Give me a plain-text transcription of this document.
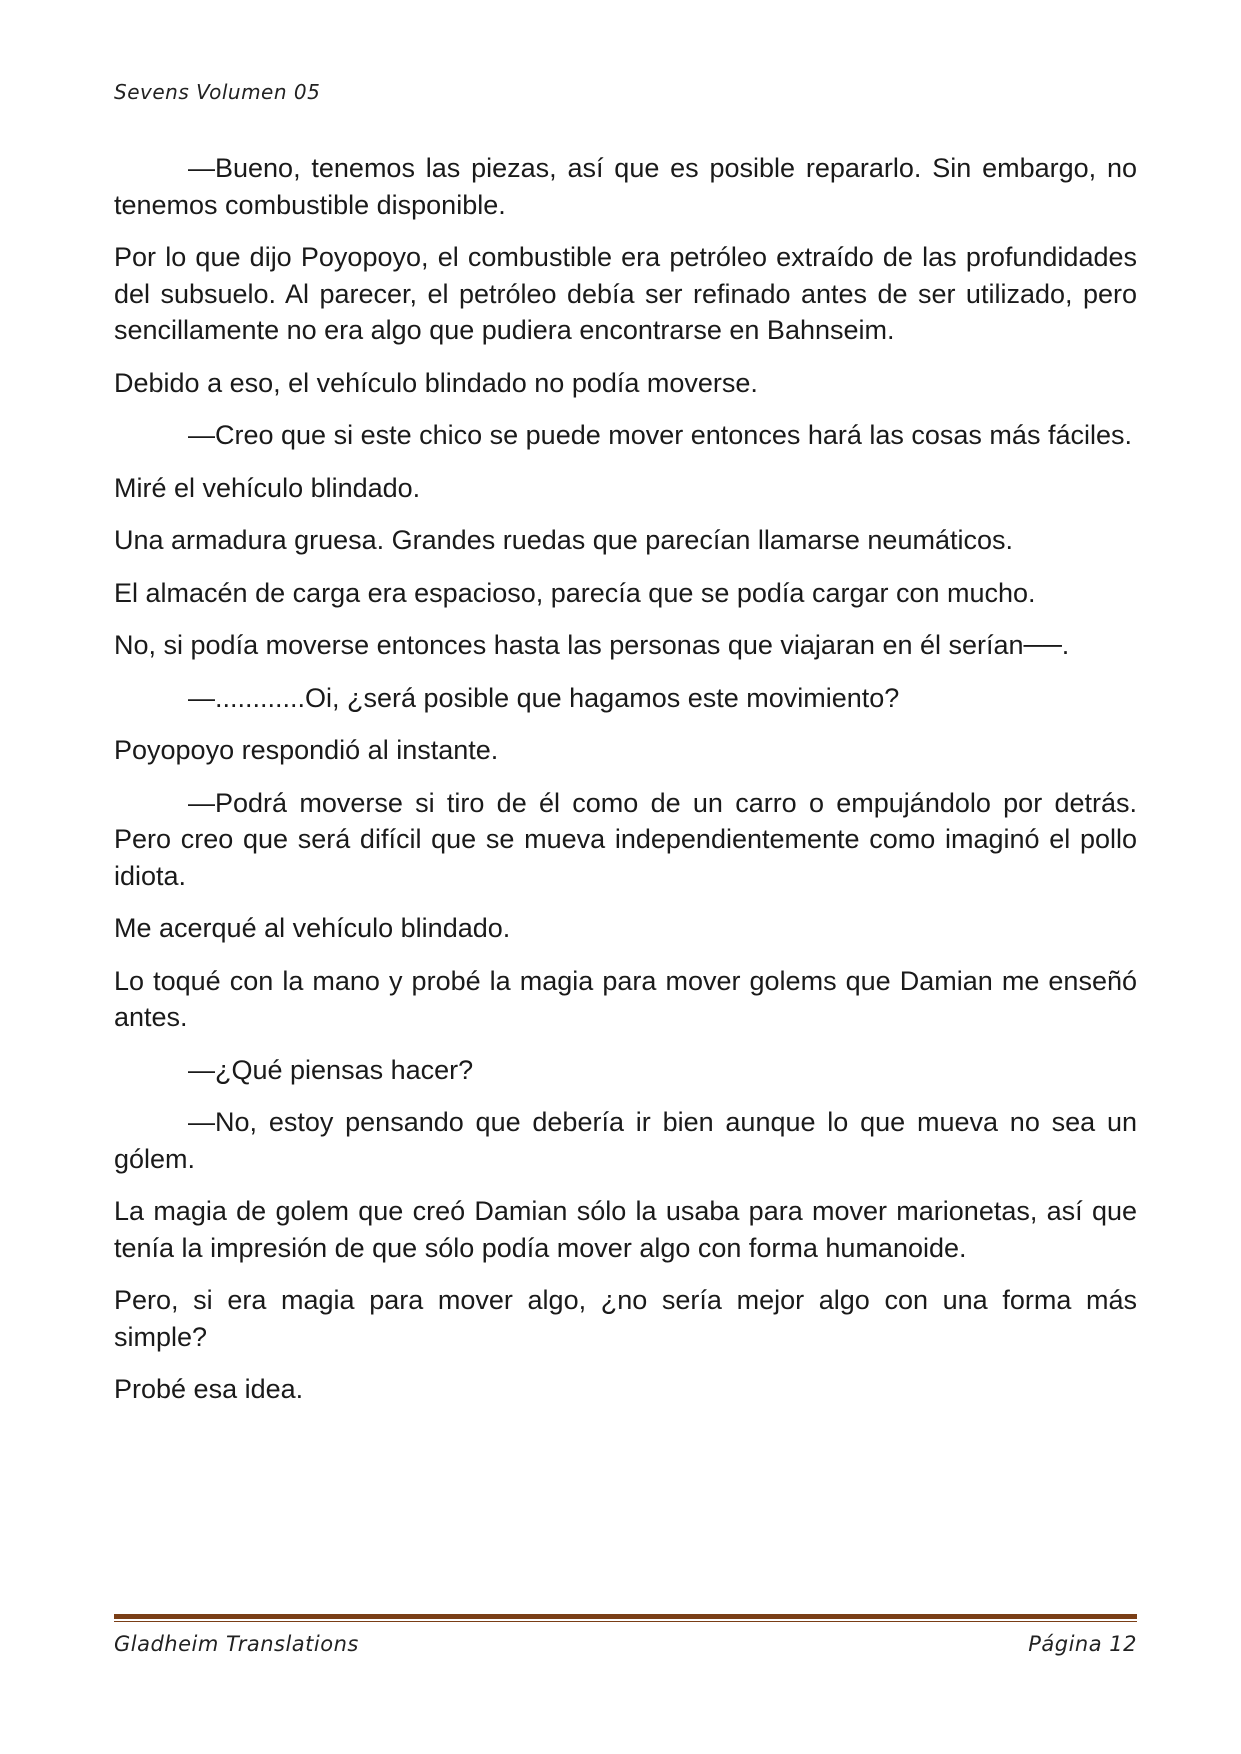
Sevens Volumen 05

—Bueno, tenemos las piezas, así que es posible repararlo. Sin embargo, no tenemos combustible disponible.

Por lo que dijo Poyopoyo, el combustible era petróleo extraído de las profundidades del subsuelo. Al parecer, el petróleo debía ser refinado antes de ser utilizado, pero sencillamente no era algo que pudiera encontrarse en Bahnseim.

Debido a eso, el vehículo blindado no podía moverse.

—Creo que si este chico se puede mover entonces hará las cosas más fáciles.

Miré el vehículo blindado.

Una armadura gruesa. Grandes ruedas que parecían llamarse neumáticos.

El almacén de carga era espacioso, parecía que se podía cargar con mucho.

No, si podía moverse entonces hasta las personas que viajaran en él serían──.

—............Oi, ¿será posible que hagamos este movimiento?

Poyopoyo respondió al instante.

—Podrá moverse si tiro de él como de un carro o empujándolo por detrás. Pero creo que será difícil que se mueva independientemente como imaginó el pollo idiota.

Me acerqué al vehículo blindado.

Lo toqué con la mano y probé la magia para mover golems que Damian me enseñó antes.

—¿Qué piensas hacer?

—No, estoy pensando que debería ir bien aunque lo que mueva no sea un gólem.

La magia de golem que creó Damian sólo la usaba para mover marionetas, así que tenía la impresión de que sólo podía mover algo con forma humanoide.

Pero, si era magia para mover algo, ¿no sería mejor algo con una forma más simple?

Probé esa idea.

Gladheim Translations	Página 12
